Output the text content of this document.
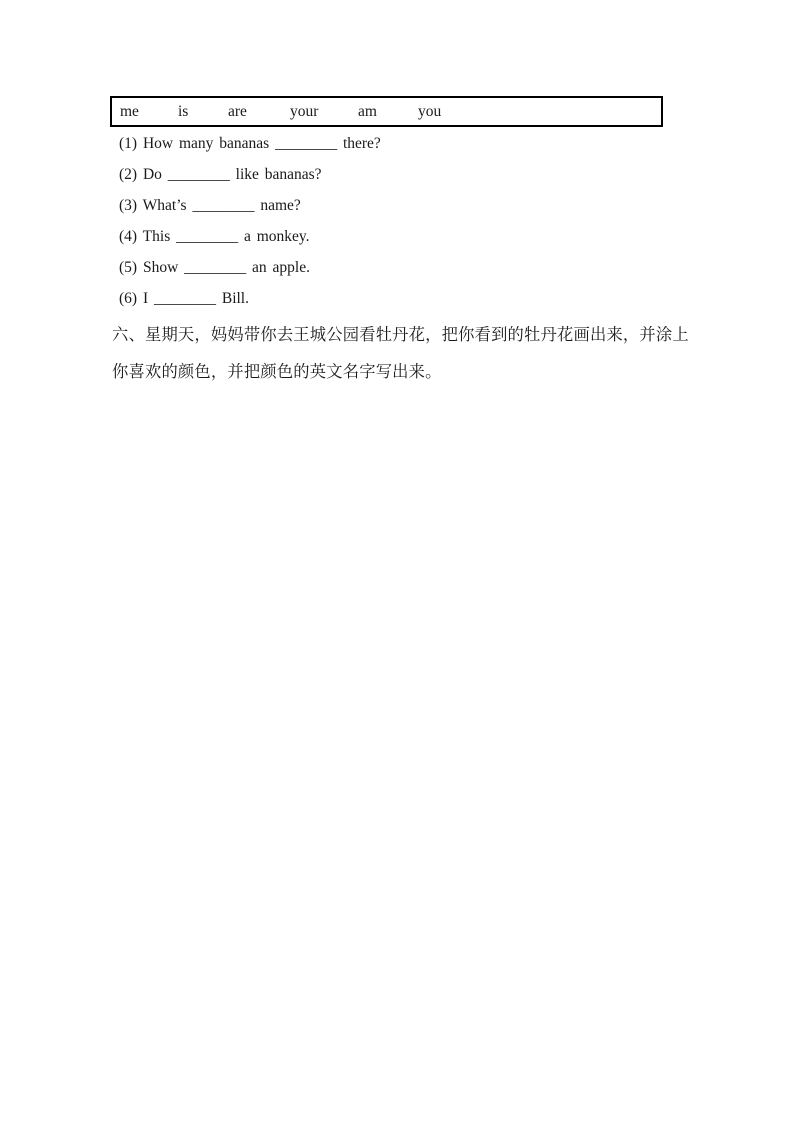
me	is	are	your	am	you
(1) How many bananas ________ there?
(2) Do ________ like bananas?
(3) What’s ________ name?
(4) This ________ a monkey.
(5) Show ________ an apple.
(6) I ________ Bill.
六、星期天，妈妈带你去王城公园看牡丹花，把你看到的牡丹花画出来，并涂上
你喜欢的颜色，并把颜色的英文名字写出来。
